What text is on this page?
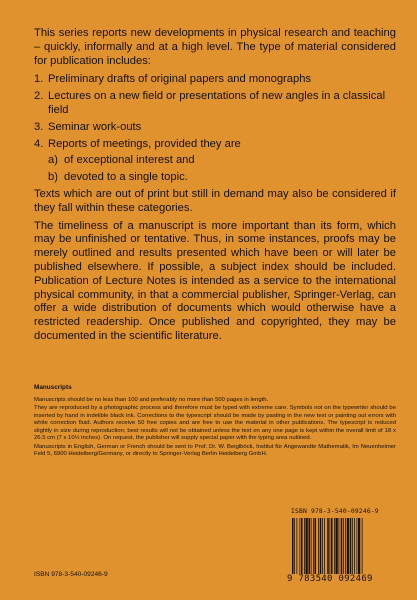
This series reports new developments in physical research and teaching – quickly, informally and at a high level. The type of material considered for publication includes:

1. Preliminary drafts of original papers and monographs
2. Lectures on a new field or presentations of new angles in a classical field
3. Seminar work-outs
4. Reports of meetings, provided they are
a) of exceptional interest and
b) devoted to a single topic.

Texts which are out of print but still in demand may also be considered if they fall within these categories.

The timeliness of a manuscript is more important than its form, which may be unfinished or tentative. Thus, in some instances, proofs may be merely outlined and results presented which have been or will later be published elsewhere. If possible, a subject index should be included. Publication of Lecture Notes is intended as a service to the international physical community, in that a commercial publisher, Springer-Verlag, can offer a wide distribution of documents which would otherwise have a restricted readership. Once published and copyrighted, they may be documented in the scientific literature.

Manuscripts

Manuscripts should be no less than 100 and preferably no more than 500 pages in length.

They are reproduced by a photographic process and therefore must be typed with extreme care. Symbols not on the typewriter should be inserted by hand in indelible black ink. Corrections to the typescript should be made by pasting in the new text or painting out errors with white correction fluid. Authors receive 50 free copies and are free to use the material in other publications. The typescript is reduced slightly in size during reproduction; best results will not be obtained unless the text on any one page is kept within the overall limit of 18 x 26.5 cm (7 x 10½ inches). On request, the publisher will supply special paper with the typing area outlined.

Manuscripts in English, German or French should be sent to Prof. Dr. W. Beiglböck, Institut für Angewandte Mathematik, Im Neuenheimer Feld 5, 6900 Heidelberg/Germany, or directly to Springer-Verlag Berlin Heidelberg GmbH.

ISBN 978-3-540-09246-9
9 783540 092469
ISBN 978-3-540-09246-9
